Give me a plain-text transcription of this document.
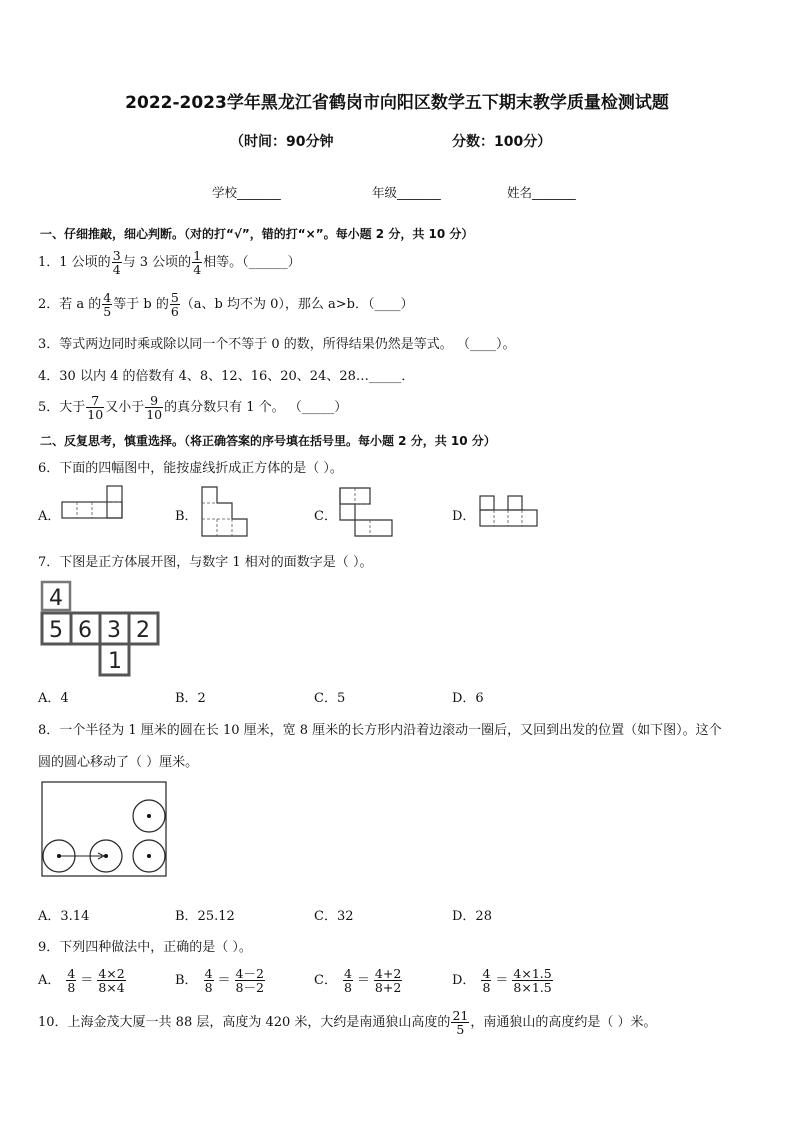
2022-2023学年黑龙江省鹤岗市向阳区数学五下期末教学质量检测试题
（时间：90分钟	分数：100分）
学校_______	年级_______	姓名_______
一、仔细推敲，细心判断。（对的打“√”，错的打“×”。每小题 2 分，共 10 分）
1．1 公顷的 $\frac{3}{4}$ 与 3 公顷的 $\frac{1}{4}$ 相等。（______）
2．若 a 的 $\frac{4}{5}$ 等于 b 的 $\frac{5}{6} (a$、b 均不为 0），那么 a>b．（____）
3．等式两边同时乘或除以同一个不等于 0 的数，所得结果仍然是等式。 （____）。
4．30 以内 4 的倍数有 4、8、12、16、20、24、28…_____．
5．大于 $\frac{7}{10}$ 又小于 $\frac{9}{10}$ 的真分数只有 1 个。 （_____）
二、反复思考，慎重选择。（将正确答案的序号填在括号里。每小题 2 分，共 10 分）
6．下面的四幅图中，能按虚线折成正方体的是（ ）。
A．	B．	C．	D．
7．下图是正方体展开图，与数字 1 相对的面数字是（ ）。
4
5 6 3 2
1
A．4	B．2	C．5	D．6
8．一个半径为 1 厘米的圆在长 10 厘米，宽 8 厘米的长方形内沿着边滚动一圈后，又回到出发的位置（如下图）。这个
圆的圆心移动了（ ）厘米。
A．3.14	B．25.12	C．32	D．28
9．下列四种做法中，正确的是（ ）。
A． $\frac{4}{8} = \frac{4\times 2}{8\times 4}$	B． $\frac{4}{8} = \frac{4-2}{8-2}$	C． $\frac{4}{8} = \frac{4+2}{8+2}$	D． $\frac{4}{8} = \frac{4\times 1.5}{8\times 1.5}$
10．上海金茂大厦一共 88 层，高度为 420 米，大约是南通狼山高度的 $\frac{21}{5}$ ，南通狼山的高度约是（ ）米。
